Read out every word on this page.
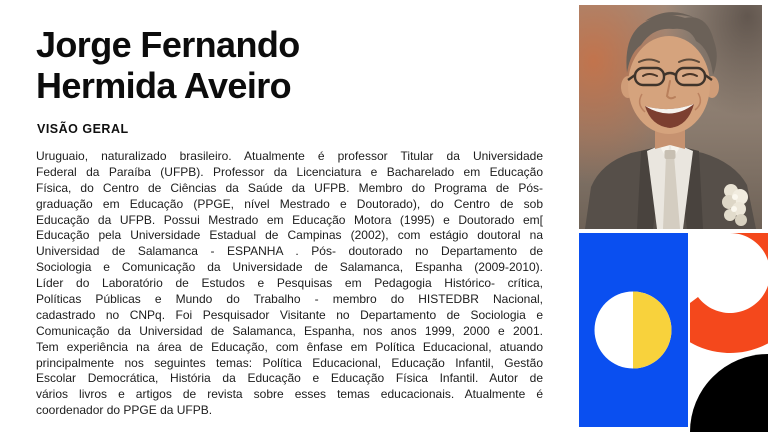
Jorge Fernando
Hermida Aveiro
VISÃO GERAL
Uruguaio, naturalizado brasileiro. Atualmente é professor Titular da Universidade
Federal da Paraíba (UFPB). Professor da Licenciatura e Bacharelado em Educação
Física, do Centro de Ciências da Saúde da UFPB. Membro do Programa de Pós-
graduação em Educação (PPGE, nível Mestrado e Doutorado), do Centro de sob
Educação da UFPB. Possui Mestrado em Educação Motora (1995) e Doutorado em[
Educação pela Universidade Estadual de Campinas (2002), com estágio doutoral na
Universidad de Salamanca - ESPANHA . Pós- doutorado no Departamento de
Sociologia e Comunicação da Universidade de Salamanca, Espanha (2009-2010).
Líder do Laboratório de Estudos e Pesquisas em Pedagogia Histórico- crítica,
Políticas Públicas e Mundo do Trabalho - membro do HISTEDBR Nacional,
cadastrado no CNPq. Foi Pesquisador Visitante no Departamento de Sociologia e
Comunicação da Universidad de Salamanca, Espanha, nos anos 1999, 2000 e 2001.
Tem experiência na área de Educação, com ênfase em Política Educacional, atuando
principalmente nos seguintes temas: Política Educacional, Educação Infantil, Gestão
Escolar Democrática, História da Educação e Educação Física Infantil. Autor de
vários livros e artigos de revista sobre esses temas educacionais. Atualmente é
coordenador do PPGE da UFPB.
